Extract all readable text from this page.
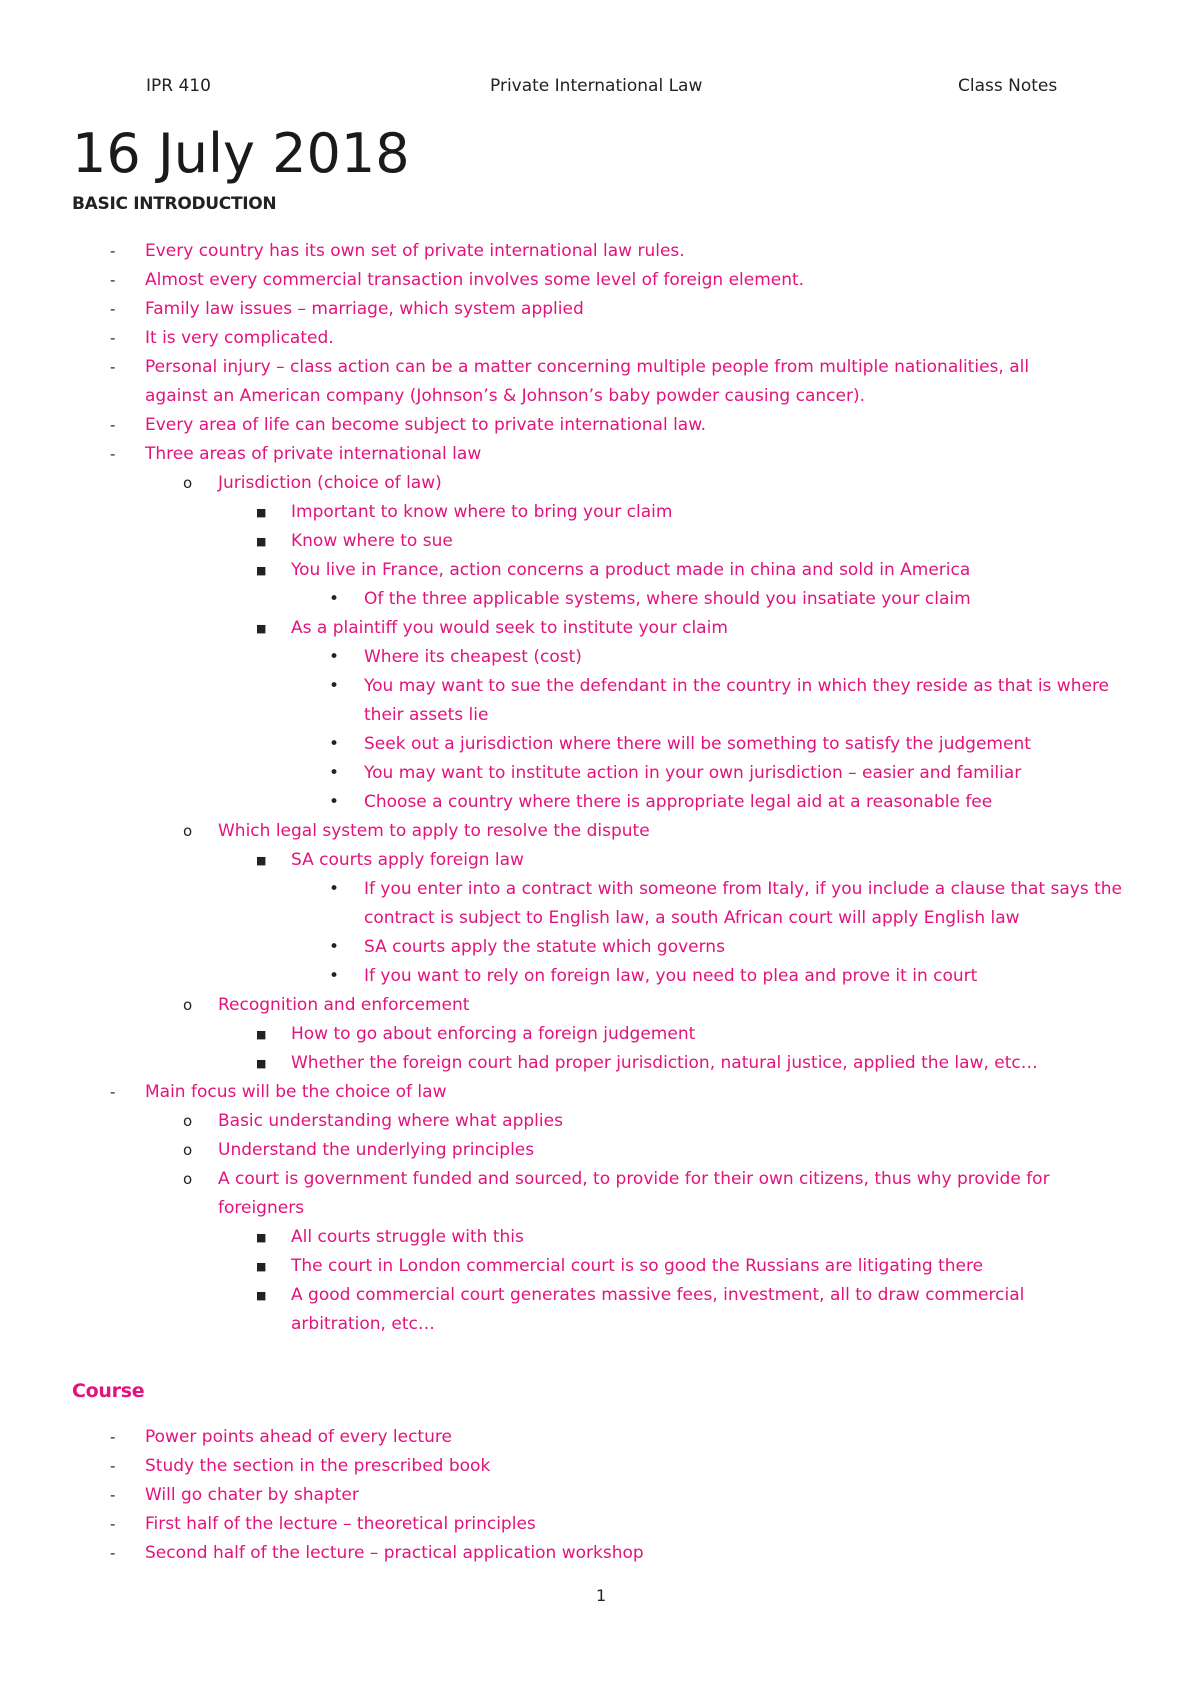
IPR 410	Private International Law	Class Notes
16 July 2018
BASIC INTRODUCTION
- Every country has its own set of private international law rules.
- Almost every commercial transaction involves some level of foreign element.
- Family law issues – marriage, which system applied
- It is very complicated.
- Personal injury – class action can be a matter concerning multiple people from multiple nationalities, all against an American company (Johnson’s & Johnson’s baby powder causing cancer).
- Every area of life can become subject to private international law.
- Three areas of private international law
o Jurisdiction (choice of law)
■ Important to know where to bring your claim
■ Know where to sue
■ You live in France, action concerns a product made in china and sold in America
• Of the three applicable systems, where should you insatiate your claim
■ As a plaintiff you would seek to institute your claim
• Where its cheapest (cost)
• You may want to sue the defendant in the country in which they reside as that is where their assets lie
• Seek out a jurisdiction where there will be something to satisfy the judgement
• You may want to institute action in your own jurisdiction – easier and familiar
• Choose a country where there is appropriate legal aid at a reasonable fee
o Which legal system to apply to resolve the dispute
■ SA courts apply foreign law
• If you enter into a contract with someone from Italy, if you include a clause that says the contract is subject to English law, a south African court will apply English law
• SA courts apply the statute which governs
• If you want to rely on foreign law, you need to plea and prove it in court
o Recognition and enforcement
■ How to go about enforcing a foreign judgement
■ Whether the foreign court had proper jurisdiction, natural justice, applied the law, etc…
- Main focus will be the choice of law
o Basic understanding where what applies
o Understand the underlying principles
o A court is government funded and sourced, to provide for their own citizens, thus why provide for foreigners
■ All courts struggle with this
■ The court in London commercial court is so good the Russians are litigating there
■ A good commercial court generates massive fees, investment, all to draw commercial arbitration, etc…
Course
- Power points ahead of every lecture
- Study the section in the prescribed book
- Will go chater by shapter
- First half of the lecture – theoretical principles
- Second half of the lecture – practical application workshop
1
